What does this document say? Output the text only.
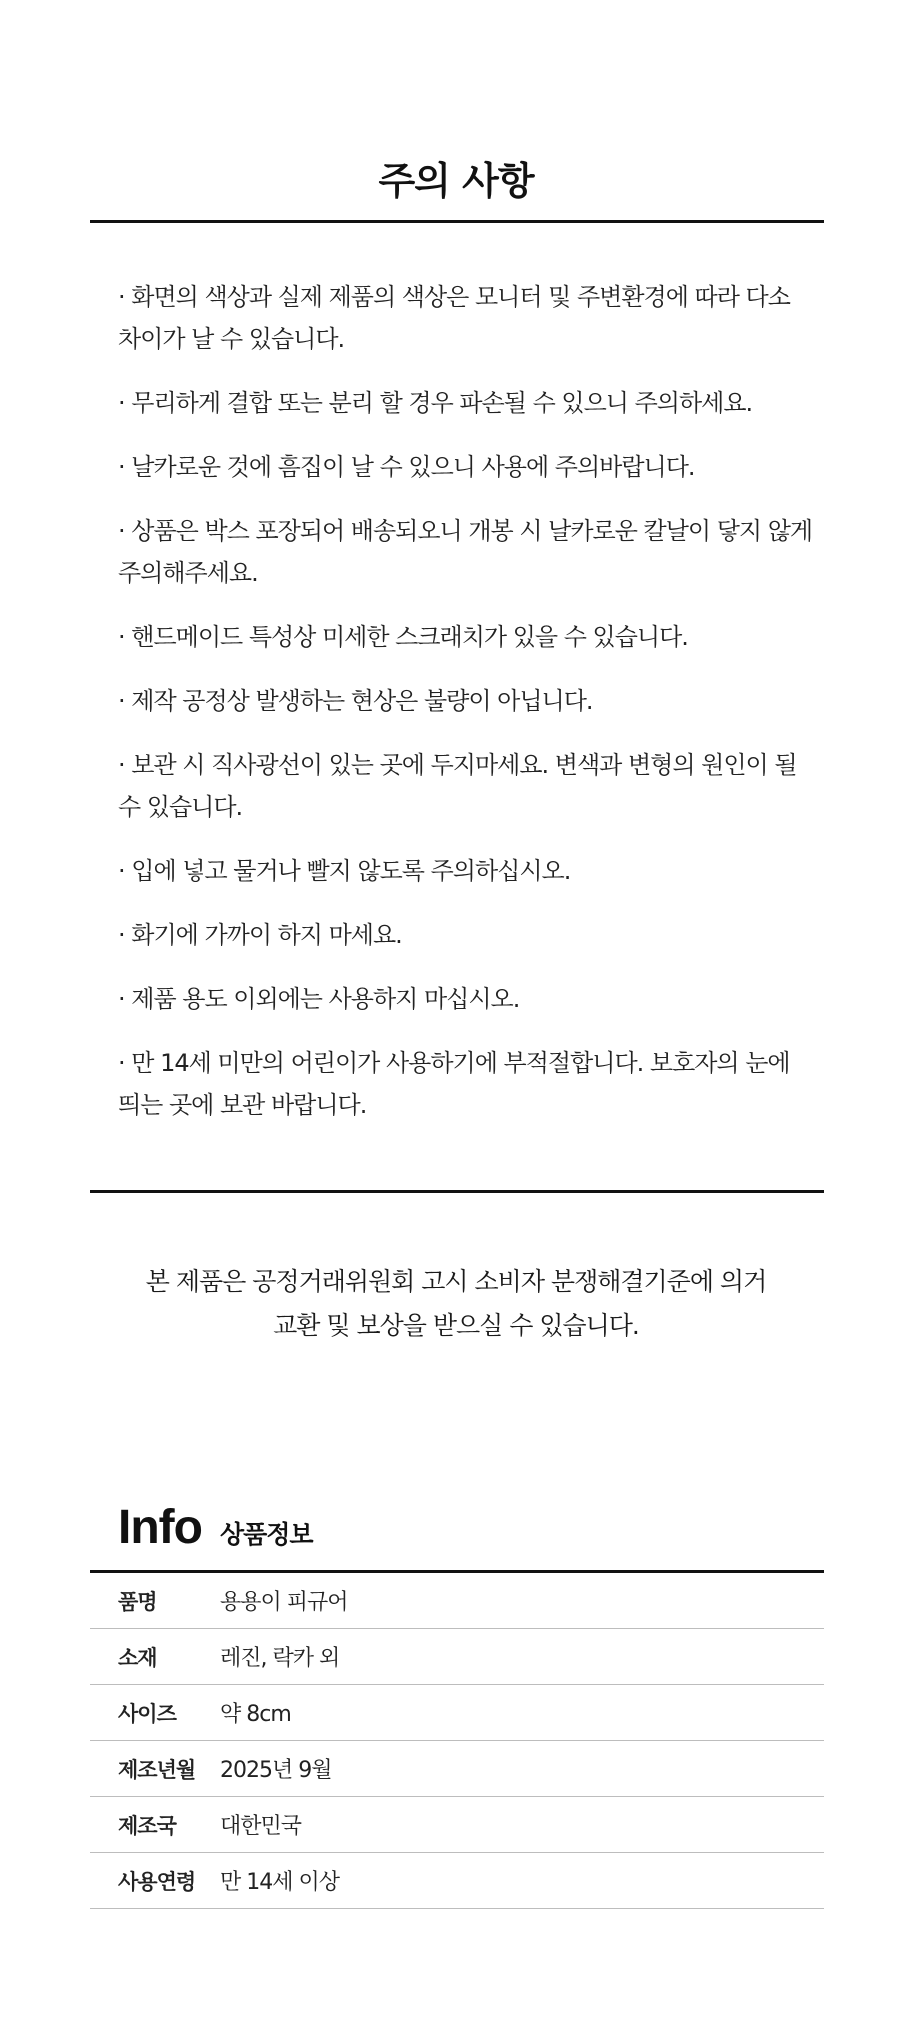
주의 사항
· 화면의 색상과 실제 제품의 색상은 모니터 및 주변환경에 따라 다소 차이가 날 수 있습니다.
· 무리하게 결합 또는 분리 할 경우 파손될 수 있으니 주의하세요.
· 날카로운 것에 흠집이 날 수 있으니 사용에 주의바랍니다.
· 상품은 박스 포장되어 배송되오니 개봉 시 날카로운 칼날이 닿지 않게 주의해주세요.
· 핸드메이드 특성상 미세한 스크래치가 있을 수 있습니다.
· 제작 공정상 발생하는 현상은 불량이 아닙니다.
· 보관 시 직사광선이 있는 곳에 두지마세요. 변색과 변형의 원인이 될 수 있습니다.
· 입에 넣고 물거나 빨지 않도록 주의하십시오.
· 화기에 가까이 하지 마세요.
· 제품 용도 이외에는 사용하지 마십시오.
· 만 14세 미만의 어린이가 사용하기에 부적절합니다. 보호자의 눈에 띄는 곳에 보관 바랍니다.
본 제품은 공정거래위원회 고시 소비자 분쟁해결기준에 의거
교환 및 보상을 받으실 수 있습니다.
Info 상품정보
품명	용용이 피규어
소재	레진, 락카 외
사이즈	약 8cm
제조년월	2025년 9월
제조국	대한민국
사용연령	만 14세 이상
